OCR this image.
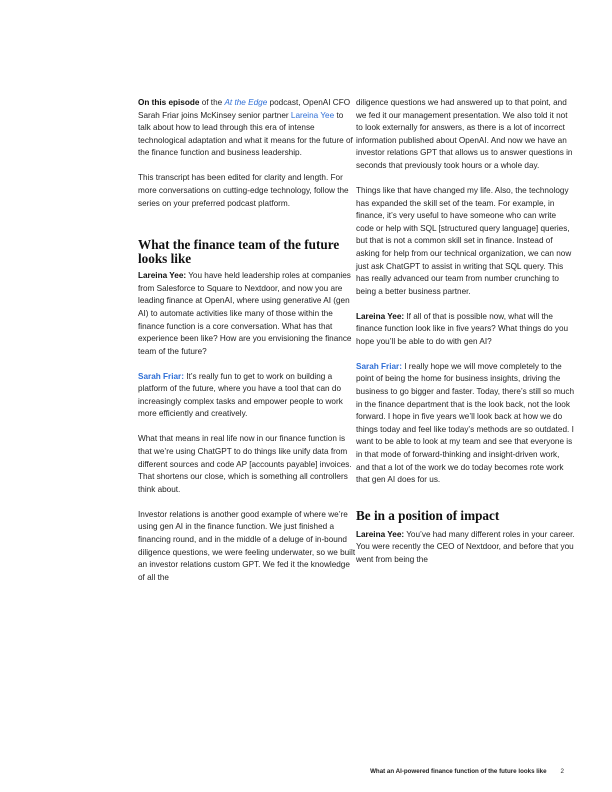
On this episode of the At the Edge podcast, OpenAI CFO Sarah Friar joins McKinsey senior partner Lareina Yee to talk about how to lead through this era of intense technological adaptation and what it means for the future of the finance function and business leadership.

This transcript has been edited for clarity and length. For more conversations on cutting-edge technology, follow the series on your preferred podcast platform.

What the finance team of the future looks like

Lareina Yee: You have held leadership roles at companies from Salesforce to Square to Nextdoor, and now you are leading finance at OpenAI, where using generative AI (gen AI) to automate activities like many of those within the finance function is a core conversation. What has that experience been like? How are you envisioning the finance team of the future?

Sarah Friar: It’s really fun to get to work on building a platform of the future, where you have a tool that can do increasingly complex tasks and empower people to work more efficiently and creatively.

What that means in real life now in our finance function is that we’re using ChatGPT to do things like unify data from different sources and code AP [accounts payable] invoices. That shortens our close, which is something all controllers think about.

Investor relations is another good example of where we’re using gen AI in the finance function. We just finished a financing round, and in the middle of a deluge of in-bound diligence questions, we were feeling underwater, so we built an investor relations custom GPT. We fed it the knowledge of all the

diligence questions we had answered up to that point, and we fed it our management presentation. We also told it not to look externally for answers, as there is a lot of incorrect information published about OpenAI. And now we have an investor relations GPT that allows us to answer questions in seconds that previously took hours or a whole day.

Things like that have changed my life. Also, the technology has expanded the skill set of the team. For example, in finance, it’s very useful to have someone who can write code or help with SQL [structured query language] queries, but that is not a common skill set in finance. Instead of asking for help from our technical organization, we can now just ask ChatGPT to assist in writing that SQL query. This has really advanced our team from number crunching to being a better business partner.

Lareina Yee: If all of that is possible now, what will the finance function look like in five years? What things do you hope you’ll be able to do with gen AI?

Sarah Friar: I really hope we will move completely to the point of being the home for business insights, driving the business to go bigger and faster. Today, there’s still so much in the finance department that is the look back, not the look forward. I hope in five years we’ll look back at how we do things today and feel like today’s methods are so outdated. I want to be able to look at my team and see that everyone is in that mode of forward-thinking and insight-driven work, and that a lot of the work we do today becomes rote work that gen AI does for us.

Be in a position of impact

Lareina Yee: You’ve had many different roles in your career. You were recently the CEO of Nextdoor, and before that you went from being the

What an AI-powered finance function of the future looks like 2
